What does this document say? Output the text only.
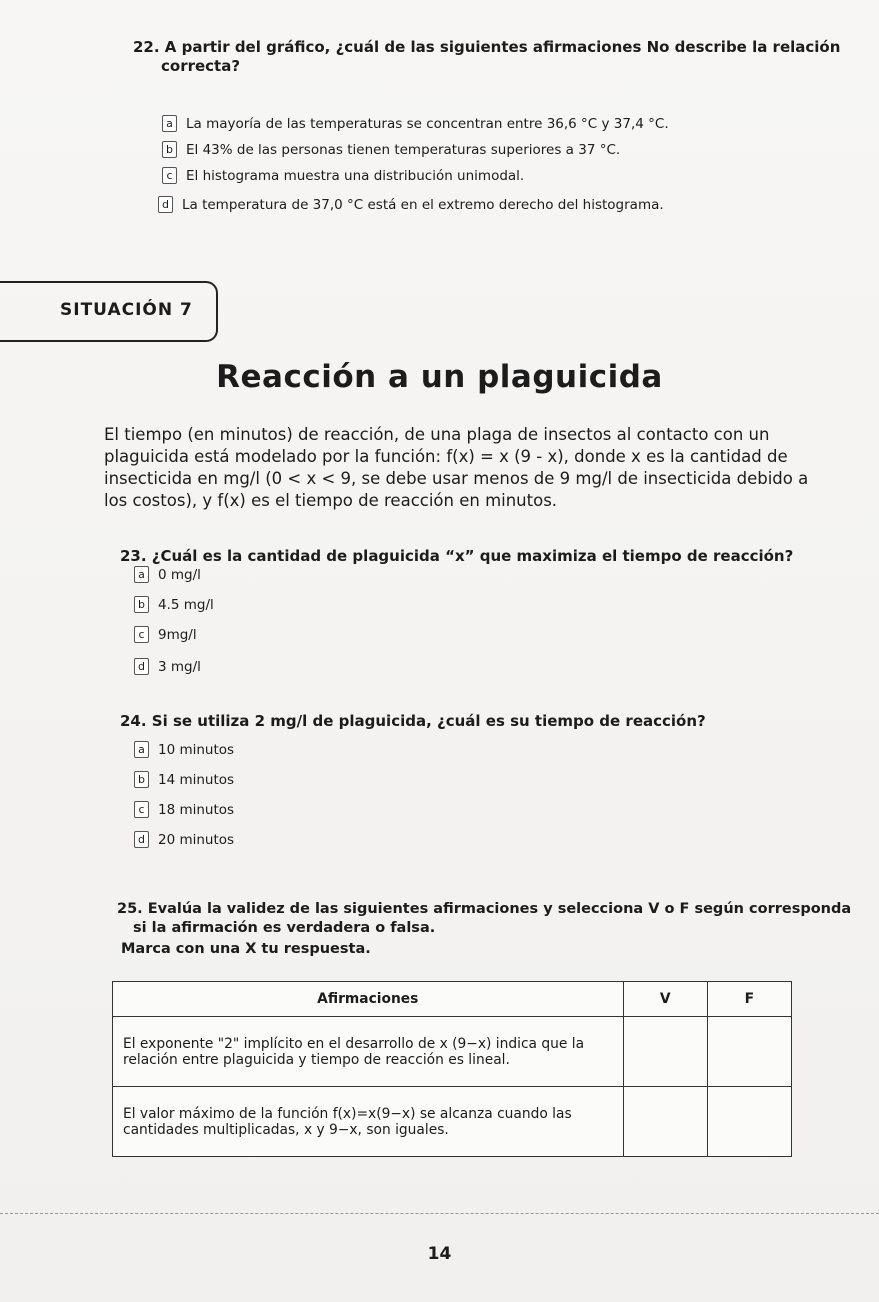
22. A partir del gráfico, ¿cuál de las siguientes afirmaciones No describe la relación
correcta?
a La mayoría de las temperaturas se concentran entre 36,6 °C y 37,4 °C.
b El 43% de las personas tienen temperaturas superiores a 37 °C.
c El histograma muestra una distribución unimodal.
d La temperatura de 37,0 °C está en el extremo derecho del histograma.
SITUACIÓN 7
Reacción a un plaguicida
El tiempo (en minutos) de reacción, de una plaga de insectos al contacto con un plaguicida está modelado por la función: f(x) = x (9 - x), donde x es la cantidad de insecticida en mg/l (0 < x < 9, se debe usar menos de 9 mg/l de insecticida debido a los costos), y f(x) es el tiempo de reacción en minutos.
23. ¿Cuál es la cantidad de plaguicida “x” que maximiza el tiempo de reacción?
a 0 mg/l
b 4.5 mg/l
c 9mg/l
d 3 mg/l
24. Si se utiliza 2 mg/l de plaguicida, ¿cuál es su tiempo de reacción?
a 10 minutos
b 14 minutos
c 18 minutos
d 20 minutos
25. Evalúa la validez de las siguientes afirmaciones y selecciona V o F según corresponda
si la afirmación es verdadera o falsa.
Marca con una X tu respuesta.
Afirmaciones	V	F
El exponente "2" implícito en el desarrollo de x (9−x) indica que la relación entre plaguicida y tiempo de reacción es lineal.		
El valor máximo de la función f(x)=x(9−x) se alcanza cuando las cantidades multiplicadas, x y 9−x, son iguales.		
14
